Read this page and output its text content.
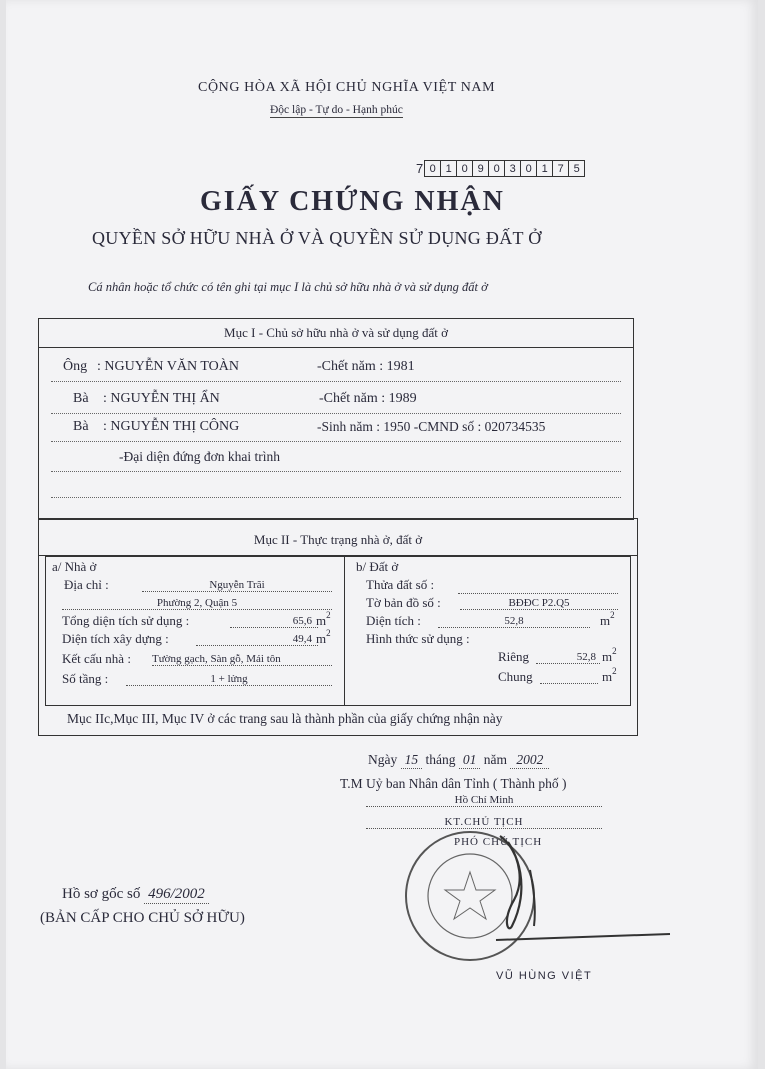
CỘNG HÒA XÃ HỘI CHỦ NGHĨA VIỆT NAM
Độc lập - Tự do - Hạnh phúc
7 0 1 0 9 0 3 0 1 7 5
GIẤY CHỨNG NHẬN
QUYỀN SỞ HỮU NHÀ Ở VÀ QUYỀN SỬ DỤNG ĐẤT Ở
Cá nhân hoặc tổ chức có tên ghi tại mục I là chủ sở hữu nhà ở và sử dụng đất ở
Mục I - Chủ sở hữu nhà ở và sử dụng đất ở
Ông : NGUYỄN VĂN TOÀN	-Chết năm : 1981
Bà : NGUYỄN THỊ ẨN	-Chết năm : 1989
Bà : NGUYỄN THỊ CÔNG	-Sinh năm : 1950 -CMND số : 020734535
-Đại diện đứng đơn khai trình
Mục II - Thực trạng nhà ở, đất ở
a/ Nhà ở
Địa chỉ :	Nguyễn Trãi
Phường 2, Quận 5
Tổng diện tích sử dụng :	65,6 $m^2$
Diện tích xây dựng :	49,4 $m^2$
Kết cấu nhà : Tường gạch, Sàn gỗ, Mái tôn
Số tầng :	1 + lửng
b/ Đất ở
Thửa đất số :
Tờ bản đồ số :	BĐĐC P2.Q5
Diện tích :	52,8	$m^2$
Hình thức sử dụng :
Riêng	52,8 $m^2$
Chung	$m^2$
Mục IIc,Mục III, Mục IV ở các trang sau là thành phần của giấy chứng nhận này
Ngày 15 tháng 01 năm 2002
T.M Uỷ ban Nhân dân Tỉnh ( Thành phố )
Hồ Chí Minh
KT.CHỦ TỊCH
PHÓ CHỦ TỊCH
VŨ HÙNG VIỆT
Hồ sơ gốc số 496/2002
(BẢN CẤP CHO CHỦ SỞ HỮU)
